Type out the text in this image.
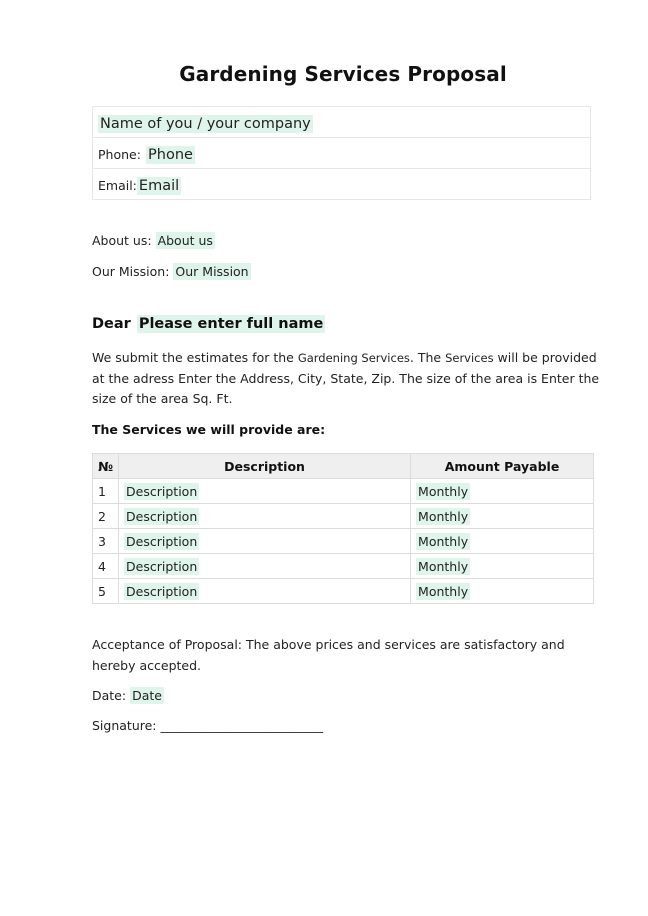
Gardening Services Proposal
Name of you / your company
Phone: Phone
Email: Email
About us: About us
Our Mission: Our Mission
Dear Please enter full name
We submit the estimates for the Gardening Services. The Services will be provided at the adress Enter the Address, City, State, Zip. The size of the area is Enter the size of the area Sq. Ft.
The Services we will provide are:
№	Description	Amount Payable
1	Description	Monthly
2	Description	Monthly
3	Description	Monthly
4	Description	Monthly
5	Description	Monthly
Acceptance of Proposal: The above prices and services are satisfactory and hereby accepted.
Date: Date
Signature: __________________________
